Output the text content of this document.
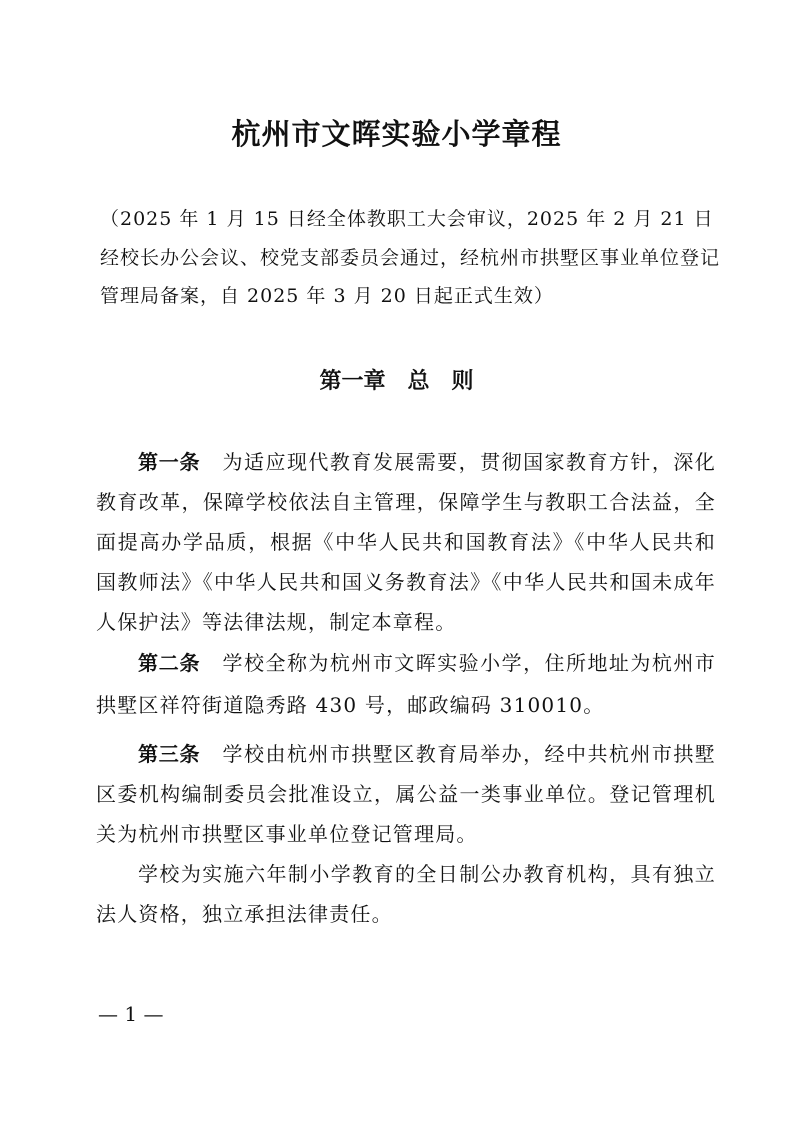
杭州市文晖实验小学章程
（2025 年 1 月 15 日经全体教职工大会审议，2025 年 2 月 21 日经校长办公会议、校党支部委员会通过，经杭州市拱墅区事业单位登记管理局备案，自 2025 年 3 月 20 日起正式生效）
第一章　总　则
第一条 为适应现代教育发展需要，贯彻国家教育方针，深化教育改革，保障学校依法自主管理，保障学生与教职工合法益，全面提高办学品质，根据《中华人民共和国教育法》《中华人民共和国教师法》《中华人民共和国义务教育法》《中华人民共和国未成年人保护法》等法律法规，制定本章程。
第二条 学校全称为杭州市文晖实验小学，住所地址为杭州市拱墅区祥符街道隐秀路 430 号，邮政编码 310010。
第三条 学校由杭州市拱墅区教育局举办，经中共杭州市拱墅区委机构编制委员会批准设立，属公益一类事业单位。登记管理机关为杭州市拱墅区事业单位登记管理局。
学校为实施六年制小学教育的全日制公办教育机构，具有独立法人资格，独立承担法律责任。
— 1 —
